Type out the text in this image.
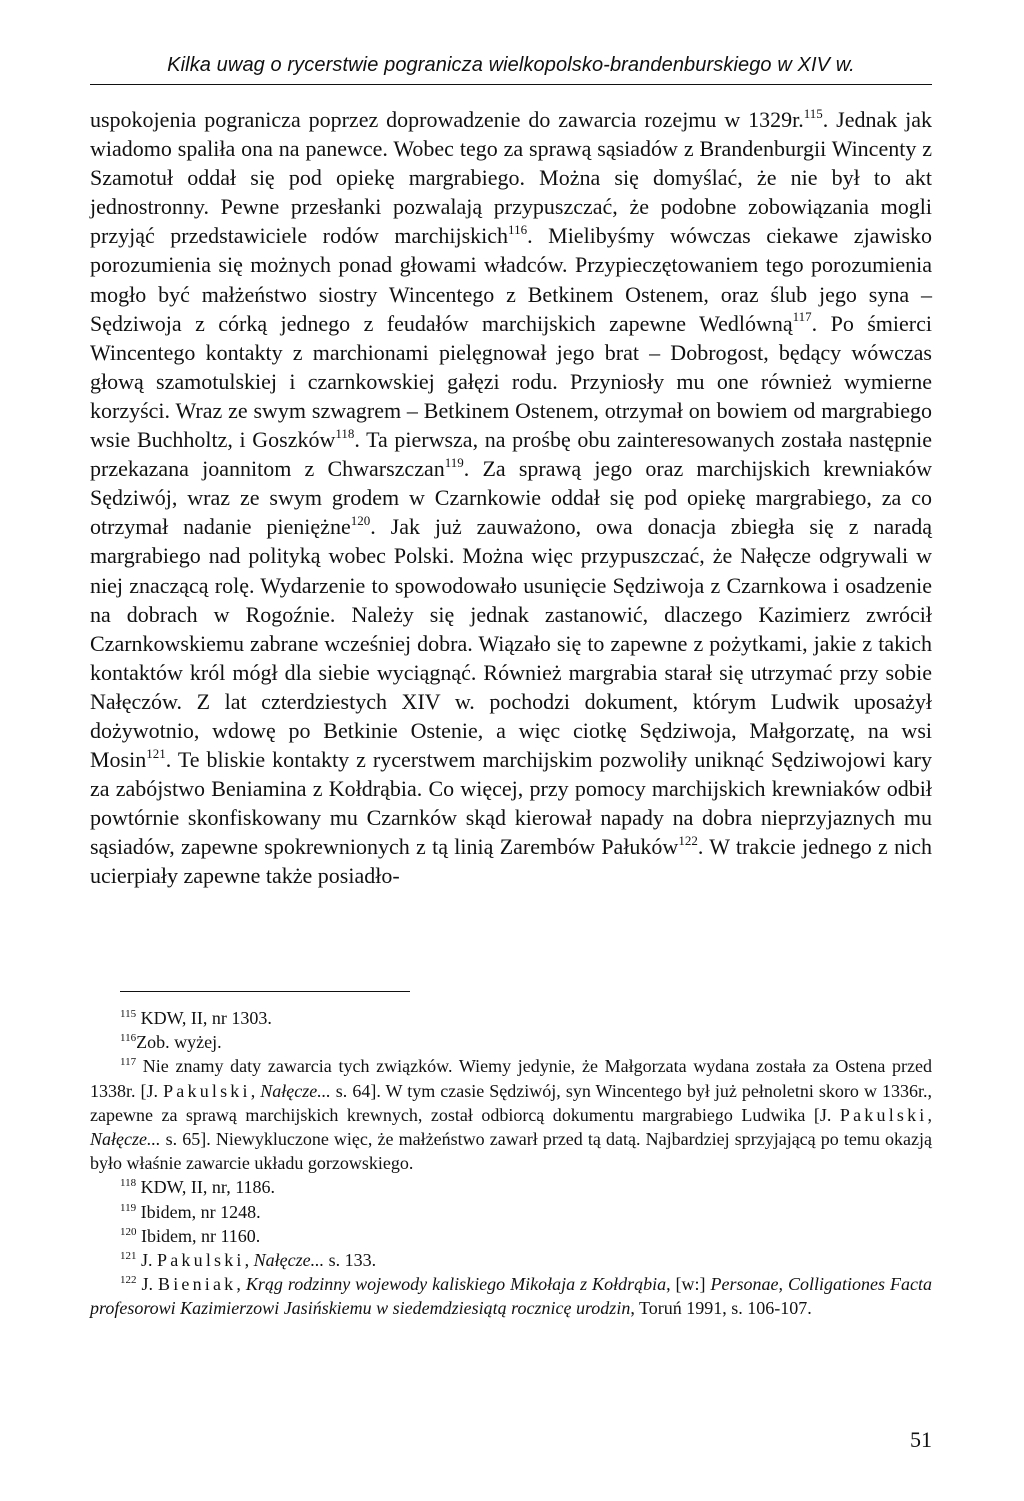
Kilka uwag o rycerstwie pogranicza wielkopolsko-brandenburskiego w XIV w.

uspokojenia pogranicza poprzez doprowadzenie do zawarcia rozejmu w 1329r.$^{115}$. Jednak jak wiadomo spaliła ona na panewce. Wobec tego za sprawą sąsiadów z Brandenburgii Wincenty z Szamotuł oddał się pod opiekę margrabiego. Można się domyślać, że nie był to akt jednostronny. Pewne przesłanki pozwalają przypuszczać, że podobne zobowiązania mogli przyjąć przedstawiciele rodów marchijskich$^{116}$. Mielibyśmy wówczas ciekawe zjawisko porozumienia się możnych ponad głowami władców. Przypieczętowaniem tego porozumienia mogło być małżeństwo siostry Wincentego z Betkinem Ostenem, oraz ślub jego syna – Sędziwoja z córką jednego z feudałów marchijskich zapewne Wedlówną$^{117}$. Po śmierci Wincentego kontakty z marchionami pielęgnował jego brat – Dobrogost, będący wówczas głową szamotulskiej i czarnkowskiej gałęzi rodu. Przyniosły mu one również wymierne korzyści. Wraz ze swym szwagrem – Betkinem Ostenem, otrzymał on bowiem od margrabiego wsie Buchholtz, i Goszków$^{118}$. Ta pierwsza, na prośbę obu zainteresowanych została następnie przekazana joannitom z Chwarszczan$^{119}$. Za sprawą jego oraz marchijskich krewniaków Sędziwój, wraz ze swym grodem w Czarnkowie oddał się pod opiekę margrabiego, za co otrzymał nadanie pieniężne$^{120}$. Jak już zauważono, owa donacja zbiegła się z naradą margrabiego nad polityką wobec Polski. Można więc przypuszczać, że Nałęcze odgrywali w niej znaczącą rolę. Wydarzenie to spowodowało usunięcie Sędziwoja z Czarnkowa i osadzenie na dobrach w Rogoźnie. Należy się jednak zastanowić, dlaczego Kazimierz zwrócił Czarnkowskiemu zabrane wcześniej dobra. Wiązało się to zapewne z pożytkami, jakie z takich kontaktów król mógł dla siebie wyciągnąć. Również margrabia starał się utrzymać przy sobie Nałęczów. Z lat czterdziestych XIV w. pochodzi dokument, którym Ludwik uposażył dożywotnio, wdowę po Betkinie Ostenie, a więc ciotkę Sędziwoja, Małgorzatę, na wsi Mosin$^{121}$. Te bliskie kontakty z rycerstwem marchijskim pozwoliły uniknąć Sędziwojowi kary za zabójstwo Beniamina z Kołdrąbia. Co więcej, przy pomocy marchijskich krewniaków odbił powtórnie skonfiskowany mu Czarnków skąd kierował napady na dobra nieprzyjaznych mu sąsiadów, zapewne spokrewnionych z tą linią Zarembów Pałuków$^{122}$. W trakcie jednego z nich ucierpiały zapewne także posiadło-

$^{115}$ KDW, II, nr 1303.

$^{116}$Zob. wyżej.

$^{117}$ Nie znamy daty zawarcia tych związków. Wiemy jedynie, że Małgorzata wydana została za Ostena przed 1338r. [J. Pakulski, Nałęcze... s. 64]. W tym czasie Sędziwój, syn Wincentego był już pełnoletni skoro w 1336r., zapewne za sprawą marchijskich krewnych, został odbiorcą dokumentu margrabiego Ludwika [J. Pakulski, Nałęcze... s. 65]. Niewykluczone więc, że małżeństwo zawarł przed tą datą. Najbardziej sprzyjającą po temu okazją było właśnie zawarcie układu gorzowskiego.

$^{118}$ KDW, II, nr, 1186.

$^{119}$ Ibidem, nr 1248.

$^{120}$ Ibidem, nr 1160.

$^{121}$ J. Pakulski, Nałęcze... s. 133.

$^{122}$ J. Bieniak, Krąg rodzinny wojewody kaliskiego Mikołaja z Kołdrąbia, [w:] Personae, Colligationes Facta profesorowi Kazimierzowi Jasińskiemu w siedemdziesiątą rocznicę urodzin, Toruń 1991, s. 106-107.

51
